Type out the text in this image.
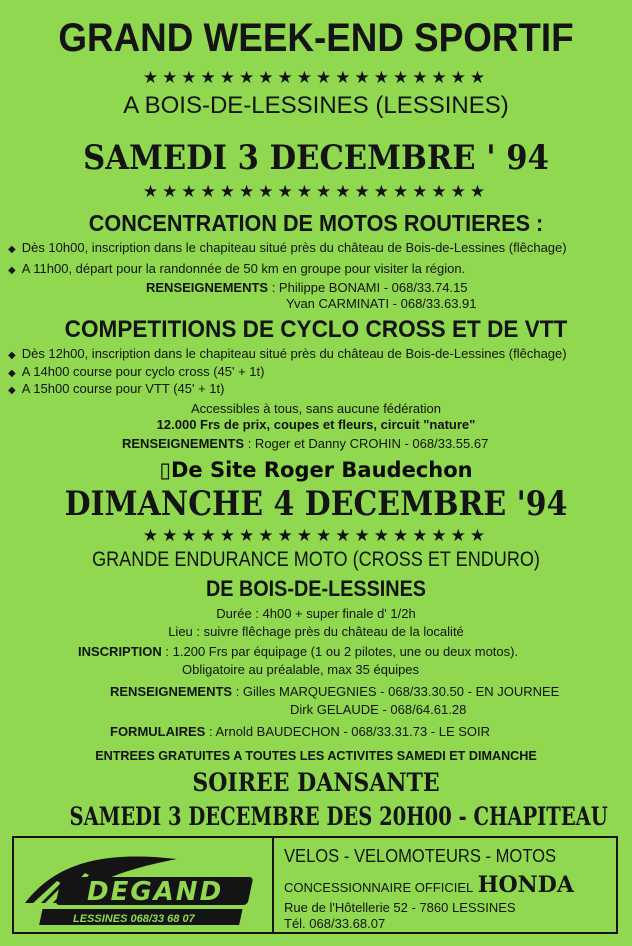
GRAND WEEK-END SPORTIF
★★★★★★★★★★★★★★★★★★
A BOIS-DE-LESSINES (LESSINES)
SAMEDI 3 DECEMBRE ' 94
★★★★★★★★★★★★★★★★★★
CONCENTRATION DE MOTOS ROUTIERES :
◆ Dès 10h00, inscription dans le chapiteau situé près du château de Bois-de-Lessines (flêchage)
◆ A 11h00, départ pour la randonnée de 50 km en groupe pour visiter la région.
RENSEIGNEMENTS : Philippe BONAMI - 068/33.74.15
Yvan CARMINATI - 068/33.63.91
COMPETITIONS DE CYCLO CROSS ET DE VTT
◆ Dès 12h00, inscription dans le chapiteau situé près du château de Bois-de-Lessines (flêchage)
◆ A 14h00 course pour cyclo cross (45' + 1t)
◆ A 15h00 course pour VTT (45' + 1t)
Accessibles à tous, sans aucune fédération
12.000 Frs de prix, coupes et fleurs, circuit "nature"
RENSEIGNEMENTS : Roger et Danny CROHIN - 068/33.55.67
▯De Site Roger Baudechon
DIMANCHE 4 DECEMBRE '94
★★★★★★★★★★★★★★★★★★
GRANDE ENDURANCE MOTO (CROSS ET ENDURO)
DE BOIS-DE-LESSINES
Durée : 4h00 + super finale d' 1/2h
Lieu : suivre flêchage près du château de la localité
INSCRIPTION : 1.200 Frs par équipage (1 ou 2 pilotes, une ou deux motos).
Obligatoire au préalable, max 35 équipes
RENSEIGNEMENTS : Gilles MARQUEGNIES - 068/33.30.50 - EN JOURNEE
Dirk GELAUDE - 068/64.61.28
FORMULAIRES : Arnold BAUDECHON - 068/33.31.73 - LE SOIR
ENTREES GRATUITES A TOUTES LES ACTIVITES SAMEDI ET DIMANCHE
SOIREE DANSANTE
SAMEDI 3 DECEMBRE DES 20H00 - CHAPITEAU
DEGAND
LESSINES 068/33 68 07
VELOS - VELOMOTEURS - MOTOS
CONCESSIONNAIRE OFFICIEL HONDA
Rue de l'Hôtellerie 52 - 7860 LESSINES
Tél. 068/33.68.07
